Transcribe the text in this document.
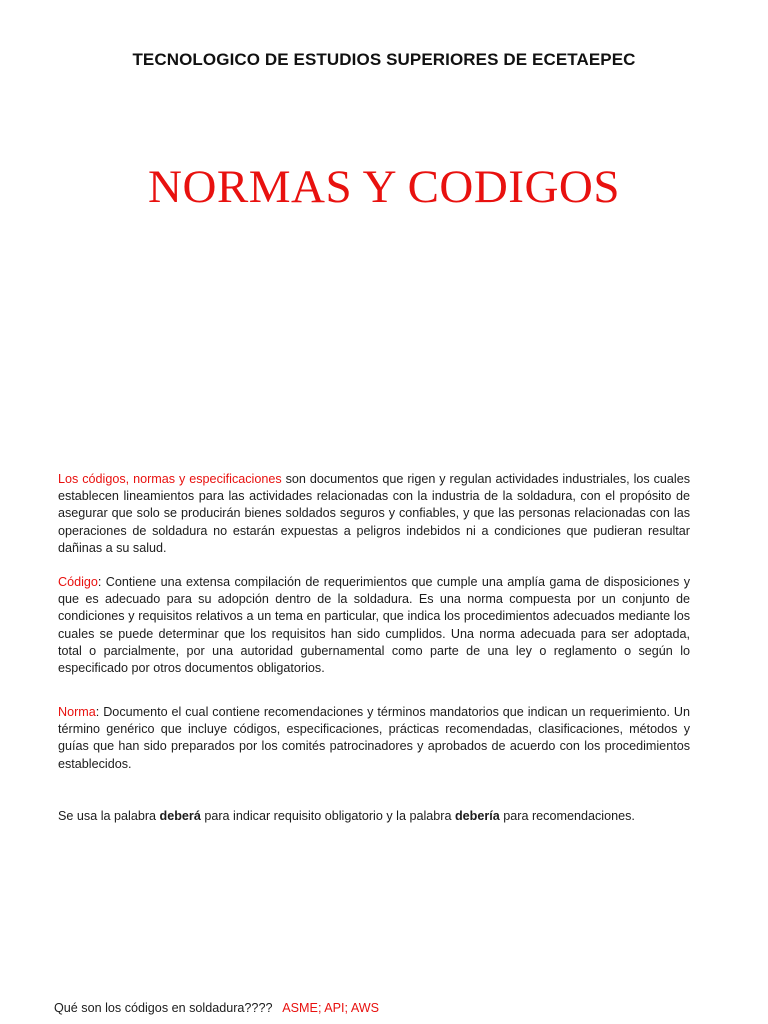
TECNOLOGICO DE ESTUDIOS SUPERIORES DE ECETAEPEC
NORMAS Y CODIGOS

Los códigos, normas y especificaciones son documentos que rigen y regulan actividades industriales, los cuales establecen lineamientos para las actividades relacionadas con la industria de la soldadura, con el propósito de asegurar que solo se producirán bienes soldados seguros y confiables, y que las personas relacionadas con las operaciones de soldadura no estarán expuestas a peligros indebidos ni a condiciones que pudieran resultar dañinas a su salud.

Código: Contiene una extensa compilación de requerimientos que cumple una amplía gama de disposiciones y que es adecuado para su adopción dentro de la soldadura. Es una norma compuesta por un conjunto de condiciones y requisitos relativos a un tema en particular, que indica los procedimientos adecuados mediante los cuales se puede determinar que los requisitos han sido cumplidos. Una norma adecuada para ser adoptada, total o parcialmente, por una autoridad gubernamental como parte de una ley o reglamento o según lo especificado por otros documentos obligatorios.

Norma: Documento el cual contiene recomendaciones y términos mandatorios que indican un requerimiento. Un término genérico que incluye códigos, especificaciones, prácticas recomendadas, clasificaciones, métodos y guías que han sido preparados por los comités patrocinadores y aprobados de acuerdo con los procedimientos establecidos.

Se usa la palabra deberá para indicar requisito obligatorio y la palabra debería para recomendaciones.

Qué son los códigos en soldadura????   ASME; API; AWS
